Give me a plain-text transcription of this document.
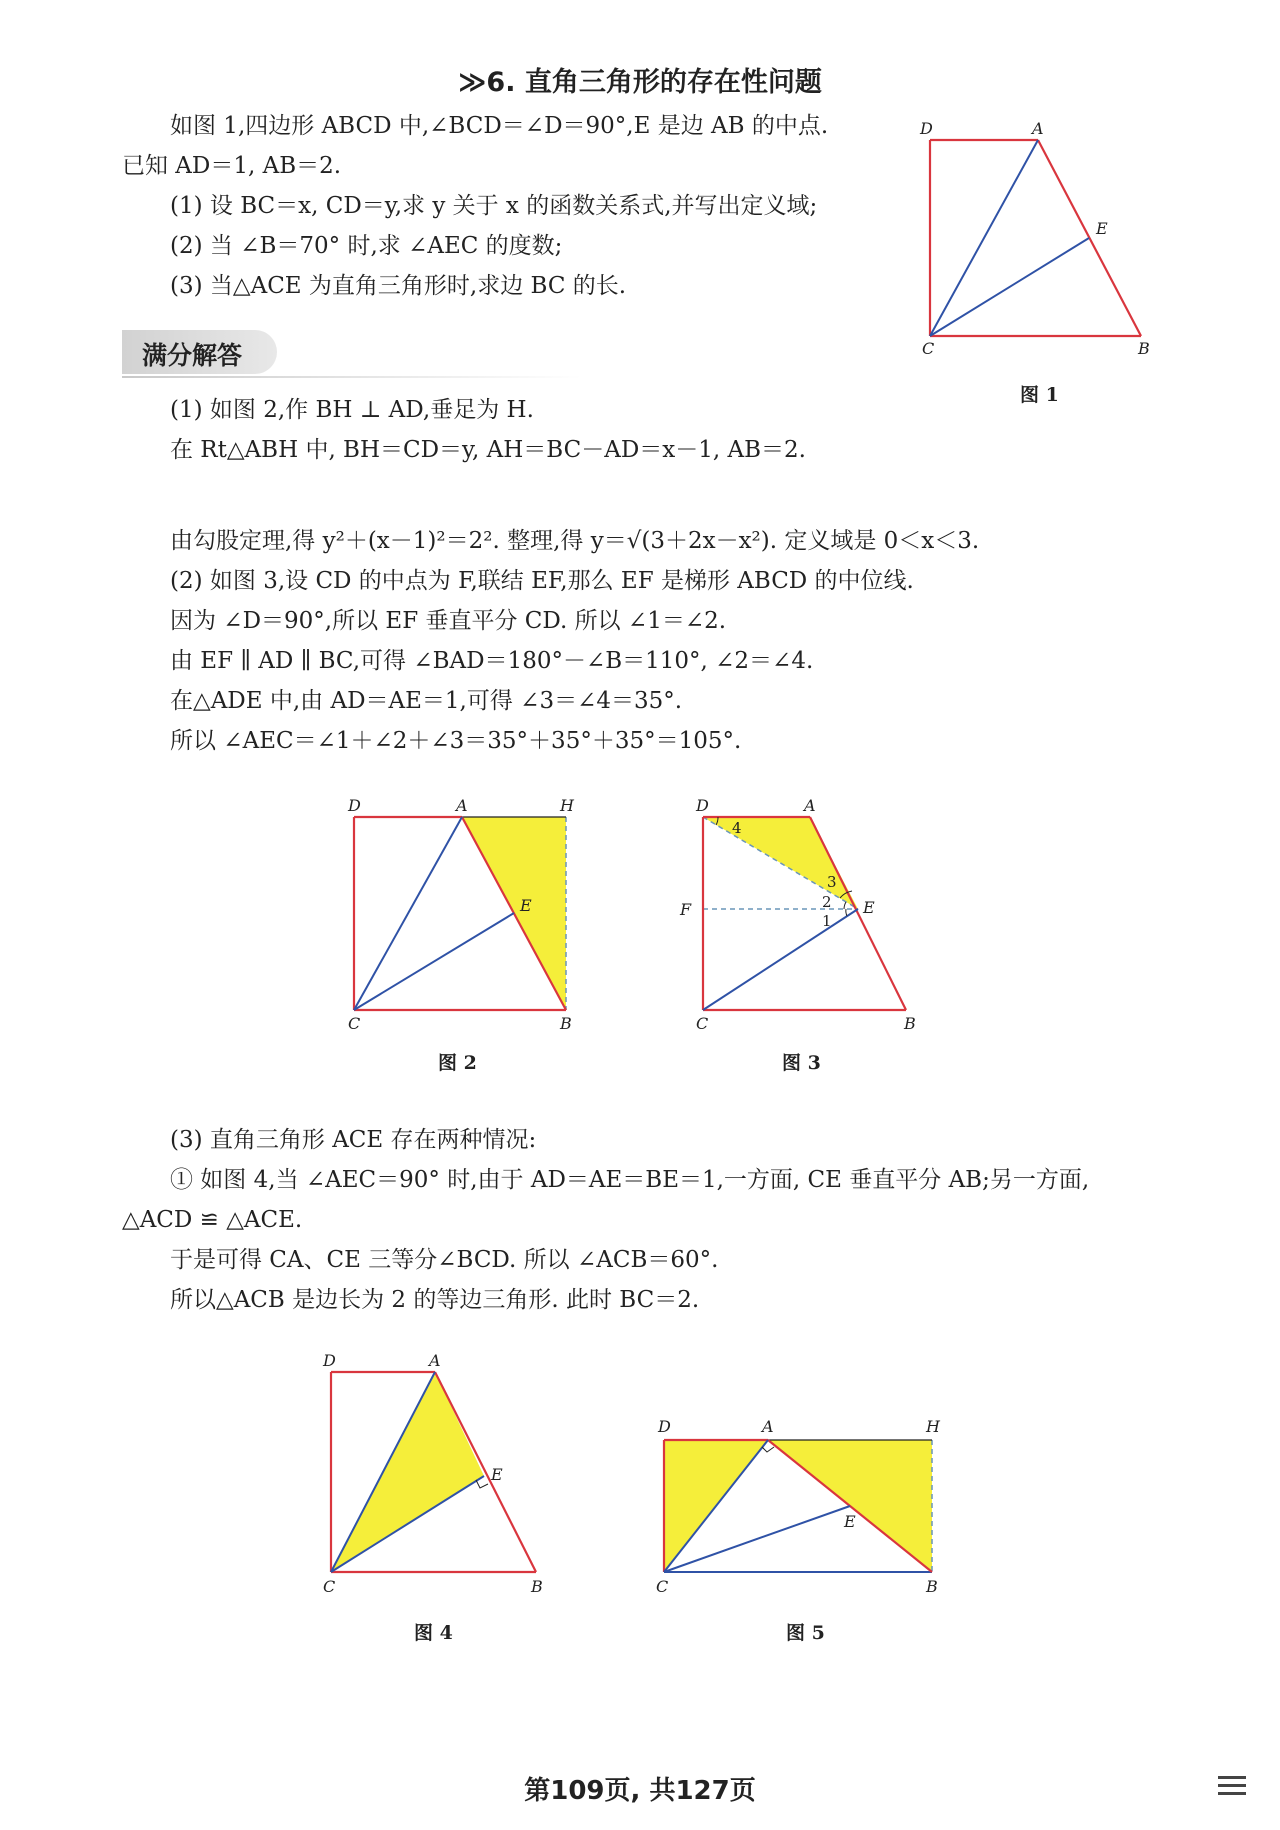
≫6. 直角三角形的存在性问题
如图 1,四边形 ABCD 中,∠BCD＝∠D＝90°,E 是边 AB 的中点.
已知 AD＝1, AB＝2.
(1) 设 BC＝x, CD＝y,求 y 关于 x 的函数关系式,并写出定义域;
(2) 当 ∠B＝70° 时,求 ∠AEC 的度数;
(3) 当△ACE 为直角三角形时,求边 BC 的长.
满分解答
(1) 如图 2,作 BH ⊥ AD,垂足为 H.
在 Rt△ABH 中, BH＝CD＝y, AH＝BC－AD＝x－1, AB＝2.
由勾股定理,得 y²＋(x－1)²＝2². 整理,得 y＝√(3＋2x－x²). 定义域是 0＜x＜3.
(2) 如图 3,设 CD 的中点为 F,联结 EF,那么 EF 是梯形 ABCD 的中位线.
因为 ∠D＝90°,所以 EF 垂直平分 CD. 所以 ∠1＝∠2.
由 EF ∥ AD ∥ BC,可得 ∠BAD＝180°－∠B＝110°, ∠2＝∠4.
在△ADE 中,由 AD＝AE＝1,可得 ∠3＝∠4＝35°.
所以 ∠AEC＝∠1＋∠2＋∠3＝35°＋35°＋35°＝105°.
(3) 直角三角形 ACE 存在两种情况:
① 如图 4,当 ∠AEC＝90° 时,由于 AD＝AE＝BE＝1,一方面, CE 垂直平分 AB;另一方面,
△ACD ≌ △ACE.
于是可得 CA、CE 三等分∠BCD. 所以 ∠ACB＝60°.
所以△ACB 是边长为 2 的等边三角形. 此时 BC＝2.
D	A
E
C	B
图 1
D	A	H
E
C	B
图 2
4
3
2
1
D	A
F	E
C	B
图 3
D	A
E
C	B
图 4
D	A	H
E
C	B
图 5
第109页, 共127页
